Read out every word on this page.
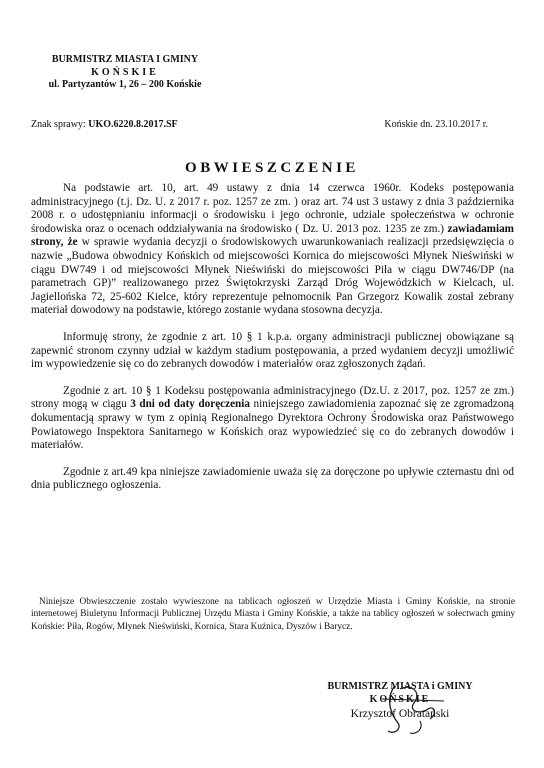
BURMISTRZ MIASTA I GMINY
KOŃSKIE
ul. Partyzantów 1, 26 – 200 Końskie
Znak sprawy: UKO.6220.8.2017.SF	Końskie dn. 23.10.2017 r.
OBWIESZCZENIE

Na podstawie art. 10, art. 49 ustawy z dnia 14 czerwca 1960r. Kodeks postępowania administracyjnego (t.j. Dz. U. z 2017 r. poz. 1257 ze zm. ) oraz art. 74 ust 3 ustawy z dnia 3 października 2008 r. o udostępnianiu informacji o środowisku i jego ochronie, udziale społeczeństwa w ochronie środowiska oraz o ocenach oddziaływania na środowisko ( Dz. U. 2013 poz. 1235 ze zm.) zawiadamiam strony, że w sprawie wydania decyzji o środowiskowych uwarunkowaniach realizacji przedsięwzięcia o nazwie „Budowa obwodnicy Końskich od miejscowości Kornica do miejscowości Młynek Nieświński w ciągu DW749 i od miejscowości Młynek Nieświński do miejscowości Piła w ciągu DW746/DP (na parametrach GP)” realizowanego przez Świętokrzyski Zarząd Dróg Wojewódzkich w Kielcach, ul. Jagiellońska 72, 25-602 Kielce, który reprezentuje pełnomocnik Pan Grzegorz Kowalik został zebrany materiał dowodowy na podstawie, którego zostanie wydana stosowna decyzja.

Informuję strony, że zgodnie z art. 10 § 1 k.p.a. organy administracji publicznej obowiązane są zapewnić stronom czynny udział w każdym stadium postępowania, a przed wydaniem decyzji umożliwić im wypowiedzenie się co do zebranych dowodów i materiałów oraz zgłoszonych żądań.

Zgodnie z art. 10 § 1 Kodeksu postępowania administracyjnego (Dz.U. z 2017, poz. 1257 ze zm.) strony mogą w ciągu 3 dni od daty doręczenia niniejszego zawiadomienia zapoznać się ze zgromadzoną dokumentacją sprawy w tym z opinią Regionalnego Dyrektora Ochrony Środowiska oraz Państwowego Powiatowego Inspektora Sanitarnego w Końskich oraz wypowiedzieć się co do zebranych dowodów i materiałów.

Zgodnie z art.49 kpa niniejsze zawiadomienie uważa się za doręczone po upływie czternastu dni od dnia publicznego ogłoszenia.

Niniejsze Obwieszczenie zostało wywieszone na tablicach ogłoszeń w Urzędzie Miasta i Gminy Końskie, na stronie internetowej Biuletynu Informacji Publicznej Urzędu Miasta i Gminy Końskie, a także na tablicy ogłoszeń w sołectwach gminy Końskie: Piła, Rogów, Młynek Nieświński, Kornica, Stara Kuźnica, Dyszów i Barycz.

BURMISTRZ MIASTA i GMINY
KOŃSKIE
Krzysztof Obratański
